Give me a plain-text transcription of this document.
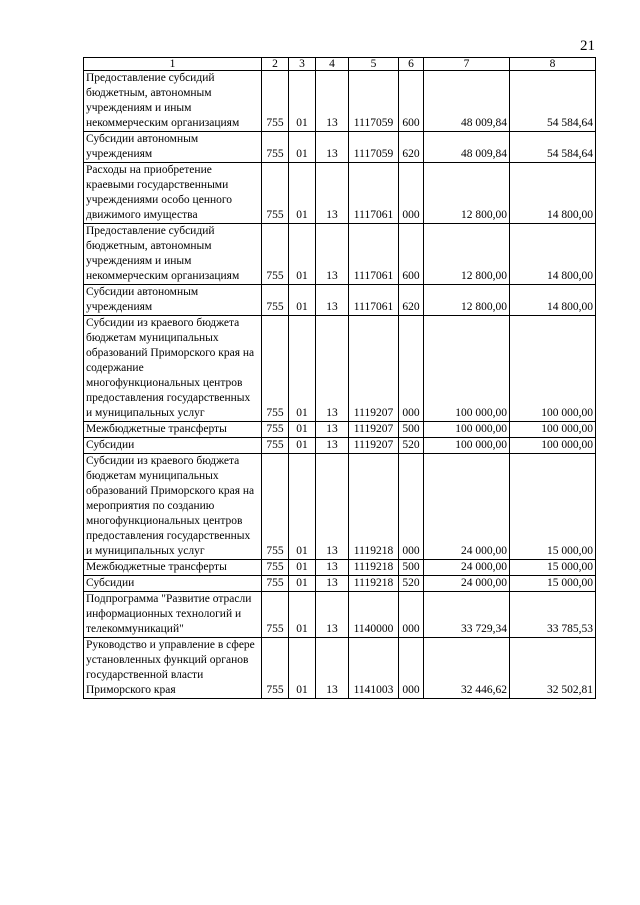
21
1	2	3	4	5	6	7	8
Предоставление субсидий бюджетным, автономным учреждениям и иным некоммерческим организациям	755	01	13	1117059	600	48 009,84	54 584,64
Субсидии автономным учреждениям	755	01	13	1117059	620	48 009,84	54 584,64
Расходы на приобретение краевыми государственными учреждениями особо ценного движимого имущества	755	01	13	1117061	000	12 800,00	14 800,00
Предоставление субсидий бюджетным, автономным учреждениям и иным некоммерческим организациям	755	01	13	1117061	600	12 800,00	14 800,00
Субсидии автономным учреждениям	755	01	13	1117061	620	12 800,00	14 800,00
Субсидии из краевого бюджета бюджетам муниципальных образований Приморского края на содержание многофункциональных центров предоставления государственных и муниципальных услуг	755	01	13	1119207	000	100 000,00	100 000,00
Межбюджетные трансферты	755	01	13	1119207	500	100 000,00	100 000,00
Субсидии	755	01	13	1119207	520	100 000,00	100 000,00
Субсидии из краевого бюджета бюджетам муниципальных образований Приморского края на мероприятия по созданию многофункциональных центров предоставления государственных и муниципальных услуг	755	01	13	1119218	000	24 000,00	15 000,00
Межбюджетные трансферты	755	01	13	1119218	500	24 000,00	15 000,00
Субсидии	755	01	13	1119218	520	24 000,00	15 000,00
Подпрограмма "Развитие отрасли информационных технологий и телекоммуникаций"	755	01	13	1140000	000	33 729,34	33 785,53
Руководство и управление в сфере установленных функций органов государственной власти Приморского края	755	01	13	1141003	000	32 446,62	32 502,81
